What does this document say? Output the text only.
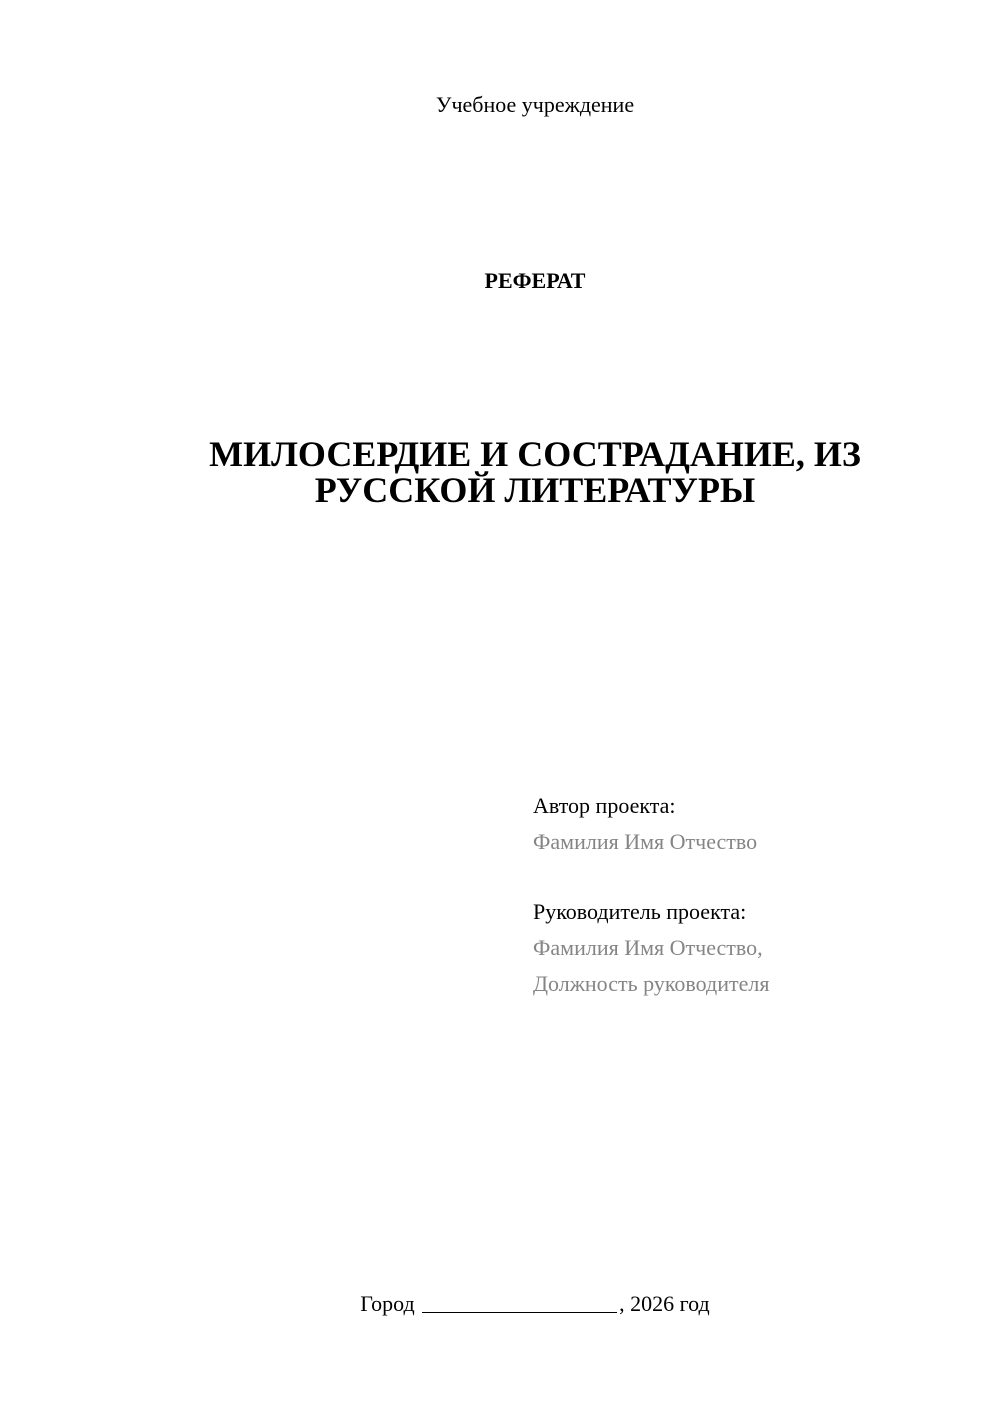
Учебное учреждение
РЕФЕРАТ
МИЛОСЕРДИЕ И СОСТРАДАНИЕ, ИЗ
РУССКОЙ ЛИТЕРАТУРЫ
Автор проекта:
Фамилия Имя Отчество
Руководитель проекта:
Фамилия Имя Отчество,
Должность руководителя
Город	, 2026 год
